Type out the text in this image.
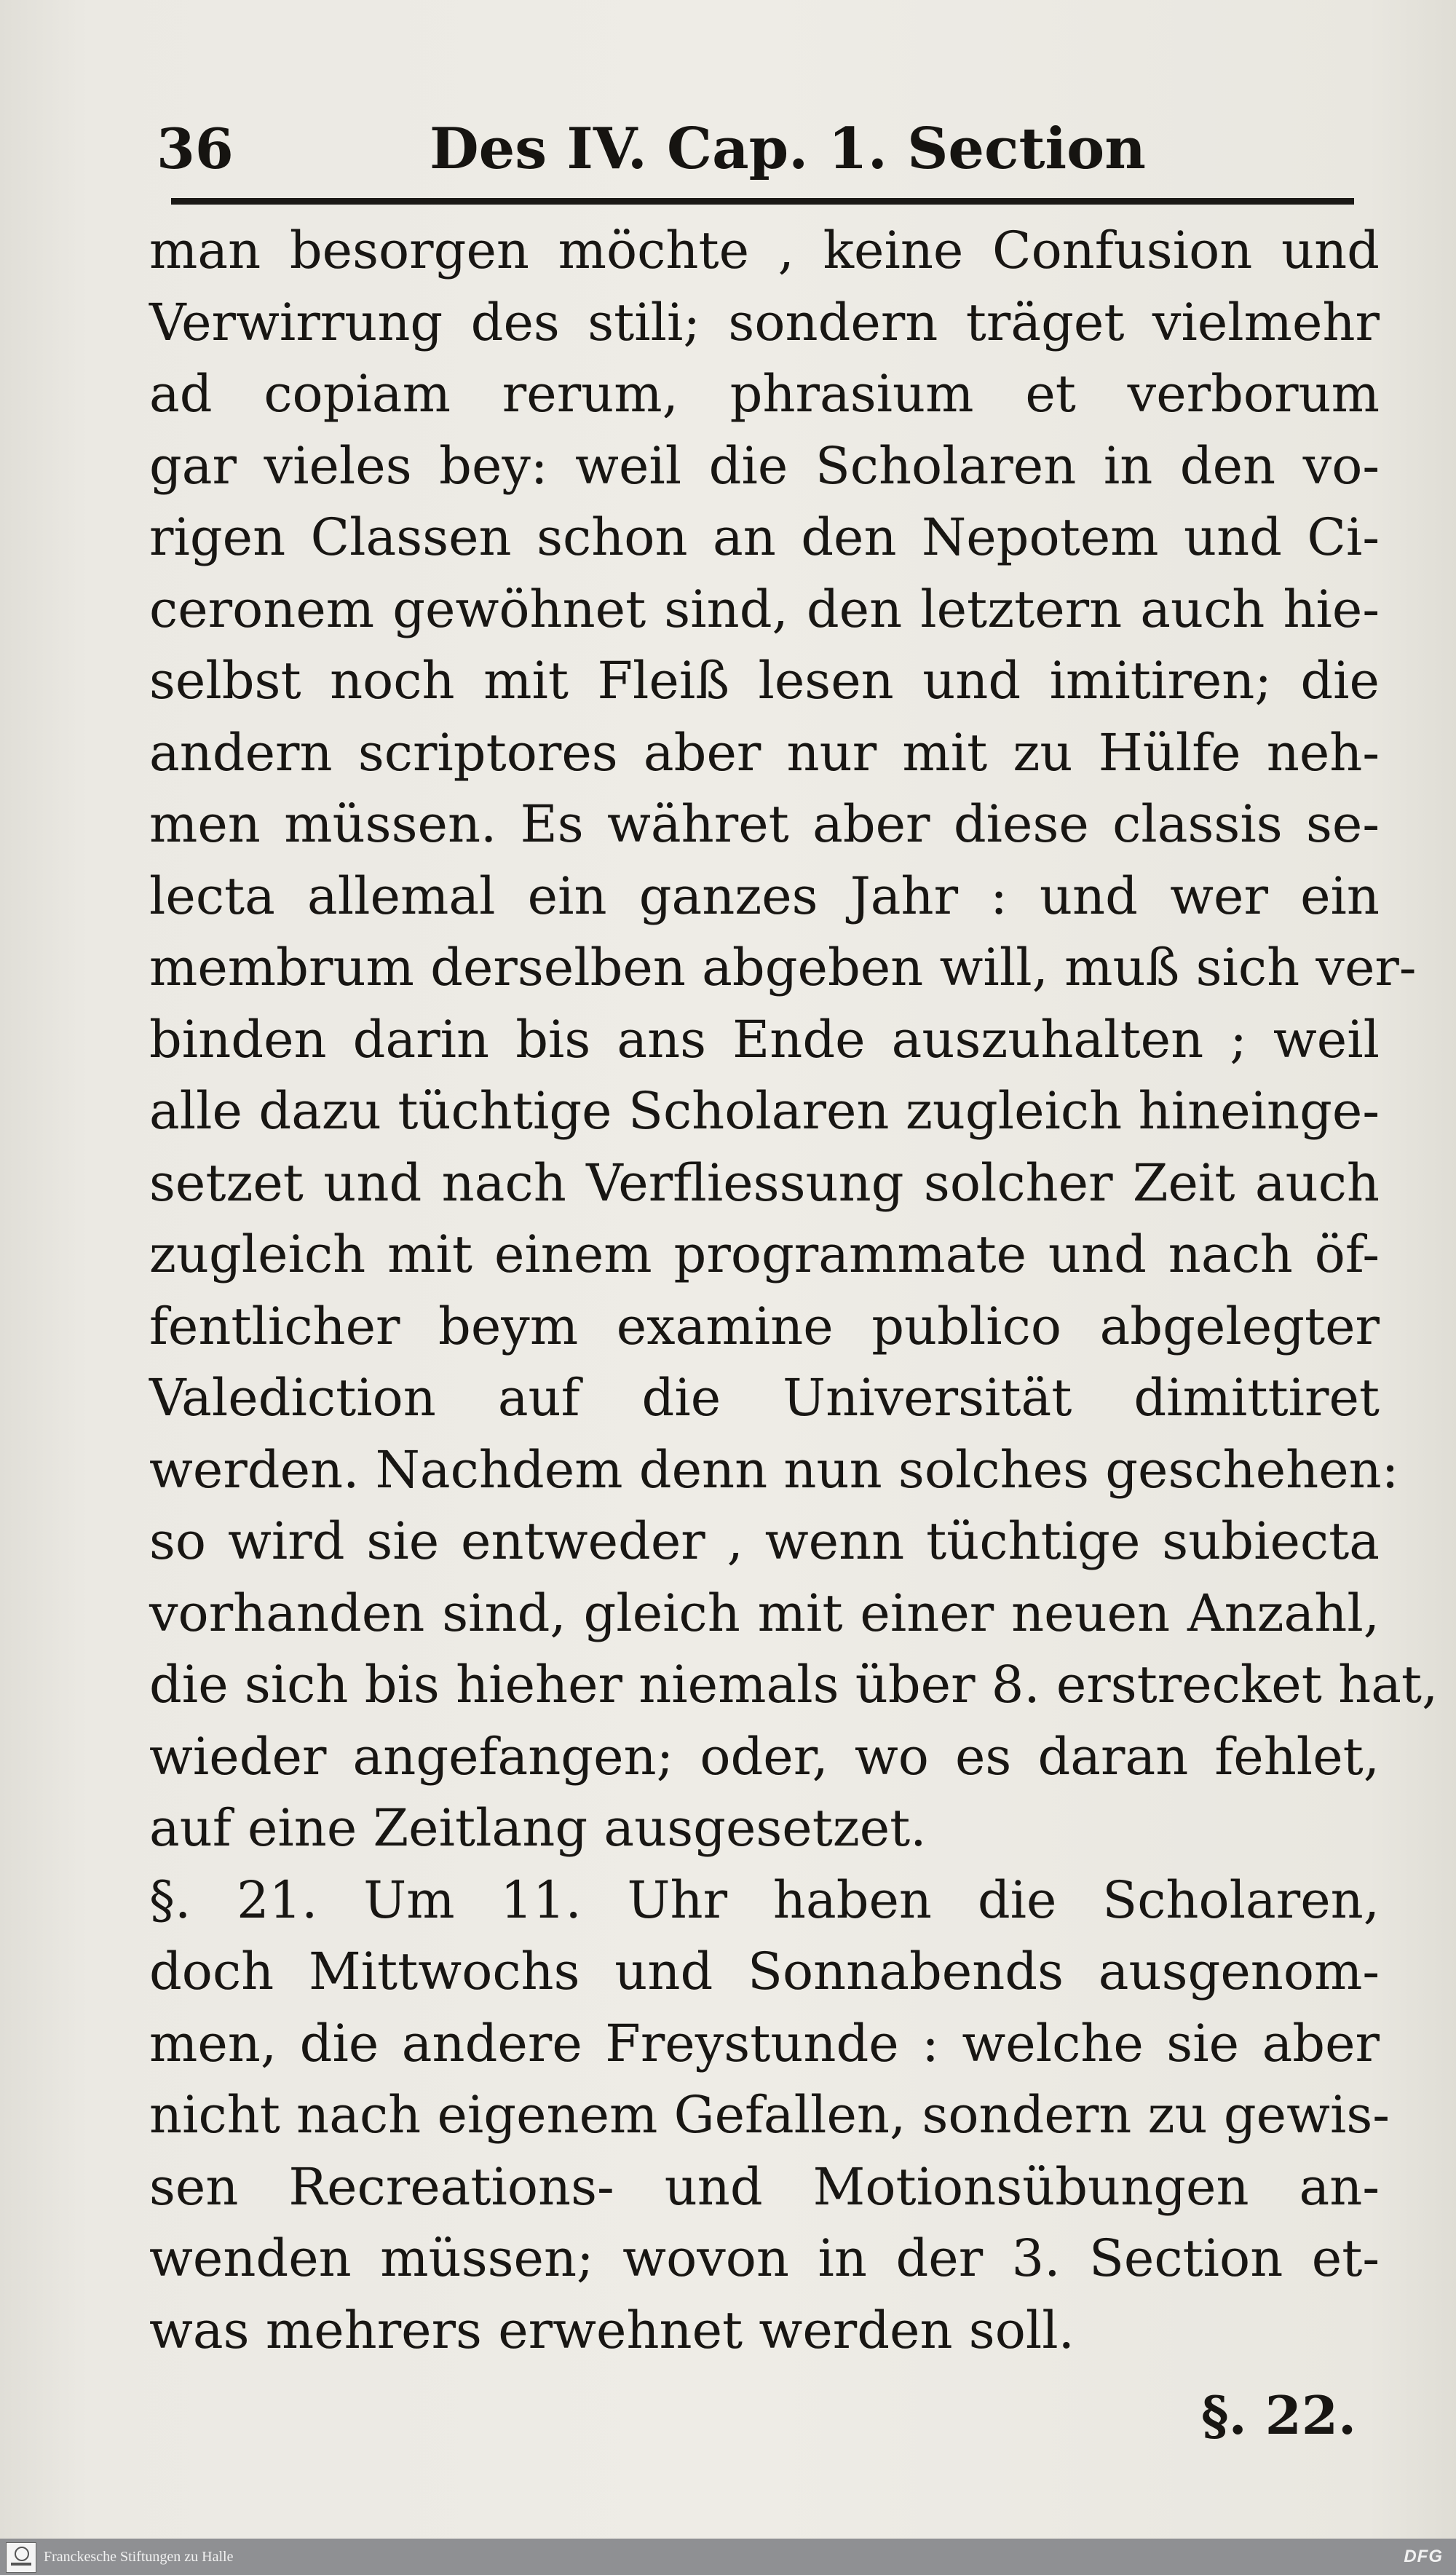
36	Des IV. Cap. 1. Section
man besorgen möchte , keine Confusion und
Verwirrung des stili; sondern träget vielmehr
ad copiam rerum, phrasium et verborum
gar vieles bey: weil die Scholaren in den vo-
rigen Classen schon an den Nepotem und Ci-
ceronem gewöhnet sind, den letztern auch hie-
selbst noch mit Fleiß lesen und imitiren; die
andern scriptores aber nur mit zu Hülfe neh-
men müssen. Es währet aber diese classis se-
lecta allemal ein ganzes Jahr : und wer ein
membrum derselben abgeben will, muß sich ver-
binden darin bis ans Ende auszuhalten ; weil
alle dazu tüchtige Scholaren zugleich hineinge-
setzet und nach Verfliessung solcher Zeit auch
zugleich mit einem programmate und nach öf-
fentlicher beym examine publico abgelegter
Valediction auf die Universität dimittiret
werden. Nachdem denn nun solches geschehen:
so wird sie entweder , wenn tüchtige subiecta
vorhanden sind, gleich mit einer neuen Anzahl,
die sich bis hieher niemals über 8. erstrecket hat,
wieder angefangen; oder, wo es daran fehlet,
auf eine Zeitlang ausgesetzet.
§. 21. Um 11. Uhr haben die Scholaren,
doch Mittwochs und Sonnabends ausgenom-
men, die andere Freystunde : welche sie aber
nicht nach eigenem Gefallen, sondern zu gewis-
sen Recreations- und Motionsübungen an-
wenden müssen; wovon in der 3. Section et-
was mehrers erwehnet werden soll.
§. 22.
Franckesche Stiftungen zu Halle	DFG
